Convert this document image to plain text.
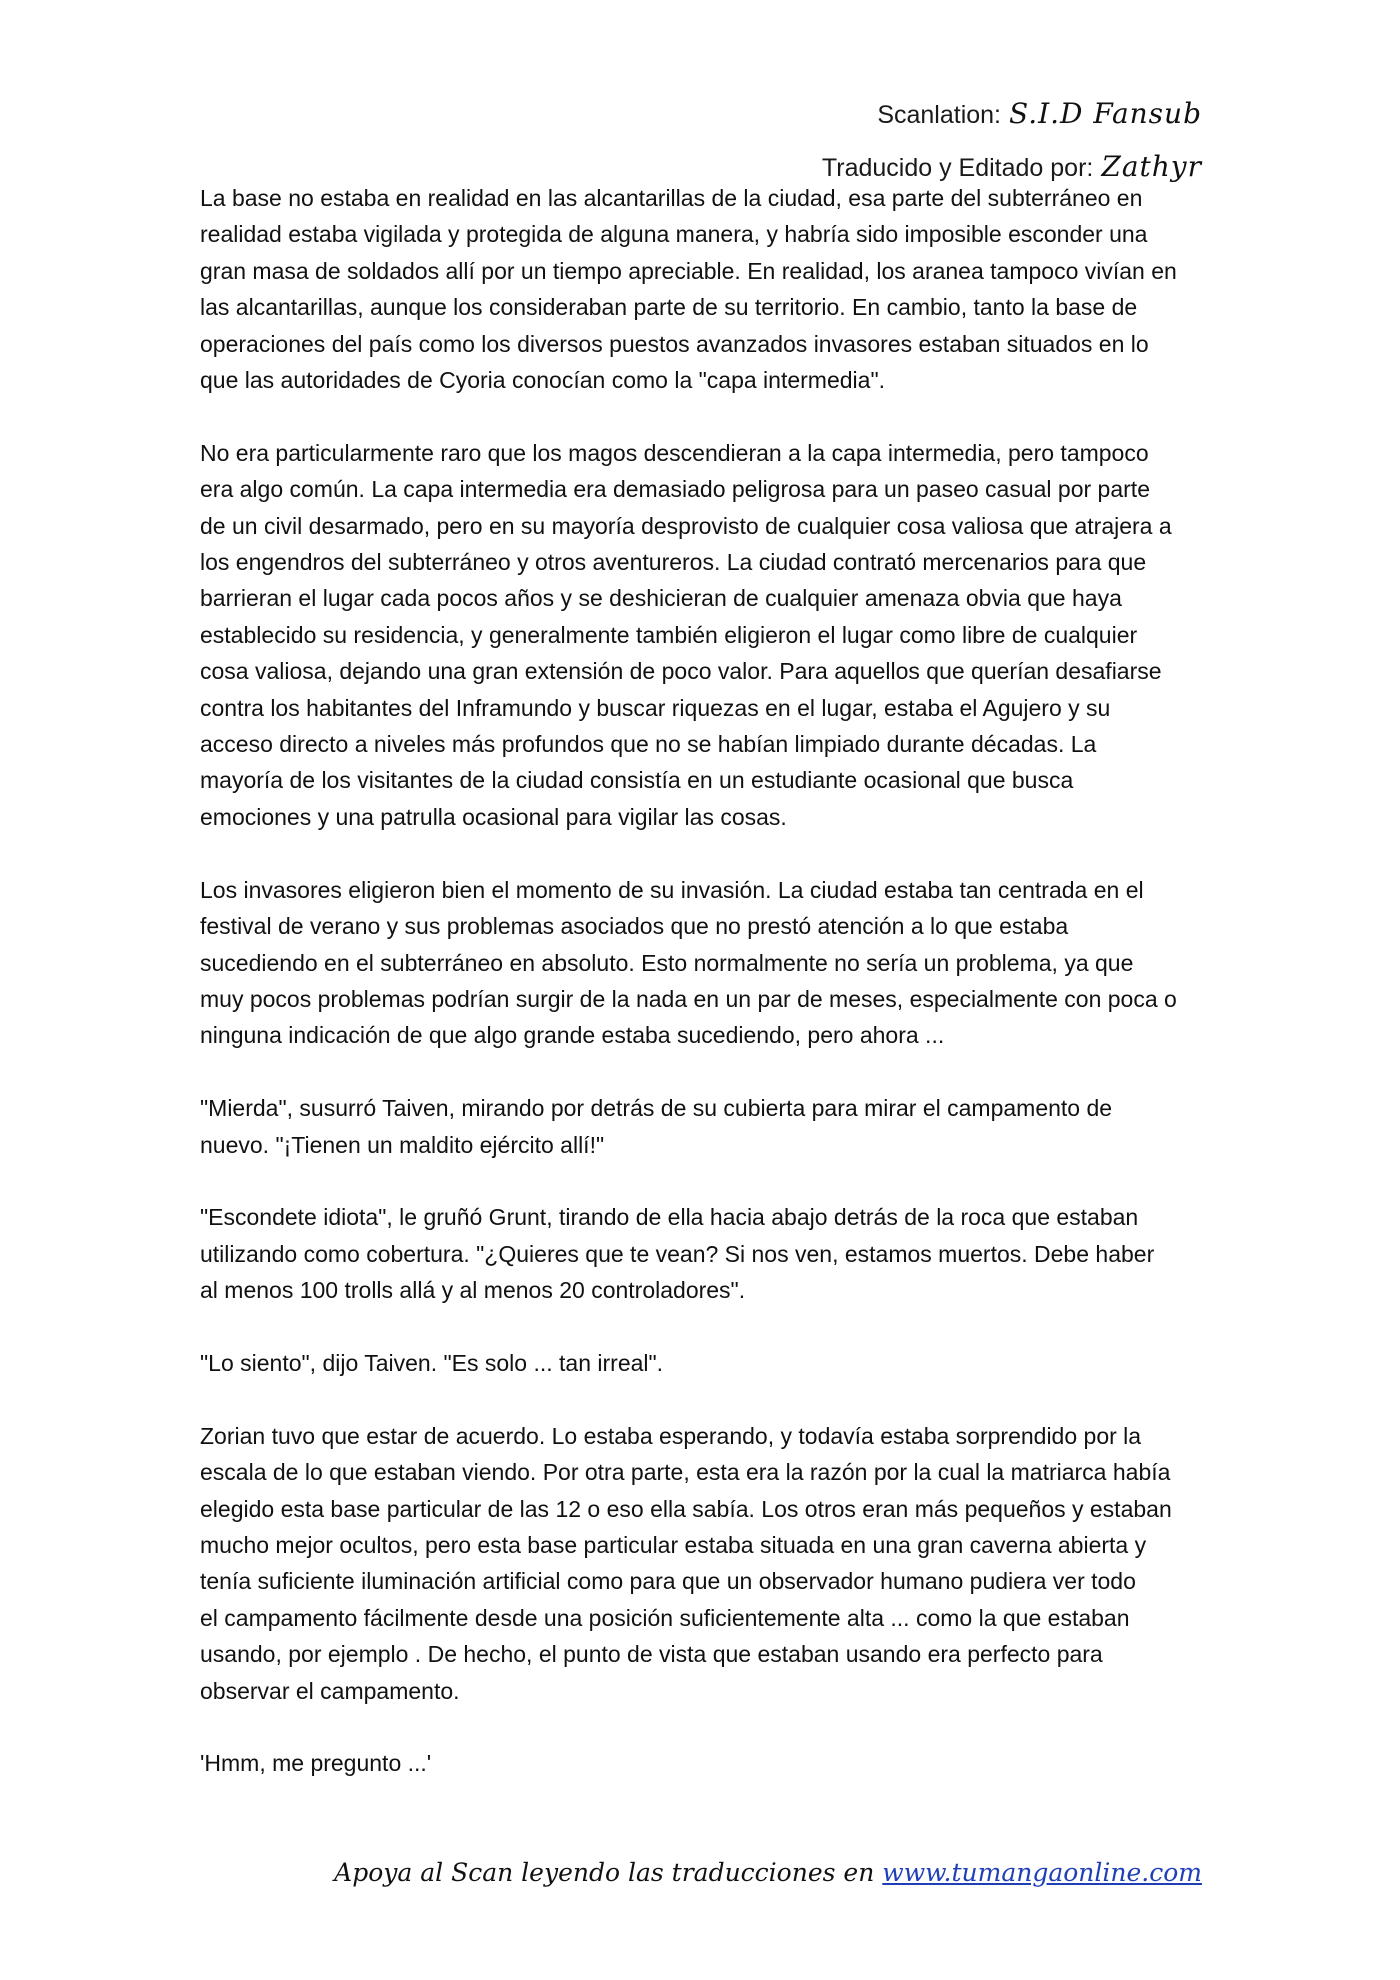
Scanlation: S.I.D Fansub
Traducido y Editado por: Zathyr

La base no estaba en realidad en las alcantarillas de la ciudad, esa parte del subterráneo en
realidad estaba vigilada y protegida de alguna manera, y habría sido imposible esconder una
gran masa de soldados allí por un tiempo apreciable. En realidad, los aranea tampoco vivían en
las alcantarillas, aunque los consideraban parte de su territorio. En cambio, tanto la base de
operaciones del país como los diversos puestos avanzados invasores estaban situados en lo
que las autoridades de Cyoria conocían como la "capa intermedia".

No era particularmente raro que los magos descendieran a la capa intermedia, pero tampoco
era algo común. La capa intermedia era demasiado peligrosa para un paseo casual por parte
de un civil desarmado, pero en su mayoría desprovisto de cualquier cosa valiosa que atrajera a
los engendros del subterráneo y otros aventureros. La ciudad contrató mercenarios para que
barrieran el lugar cada pocos años y se deshicieran de cualquier amenaza obvia que haya
establecido su residencia, y generalmente también eligieron el lugar como libre de cualquier
cosa valiosa, dejando una gran extensión de poco valor. Para aquellos que querían desafiarse
contra los habitantes del Inframundo y buscar riquezas en el lugar, estaba el Agujero y su
acceso directo a niveles más profundos que no se habían limpiado durante décadas. La
mayoría de los visitantes de la ciudad consistía en un estudiante ocasional que busca
emociones y una patrulla ocasional para vigilar las cosas.

Los invasores eligieron bien el momento de su invasión. La ciudad estaba tan centrada en el
festival de verano y sus problemas asociados que no prestó atención a lo que estaba
sucediendo en el subterráneo en absoluto. Esto normalmente no sería un problema, ya que
muy pocos problemas podrían surgir de la nada en un par de meses, especialmente con poca o
ninguna indicación de que algo grande estaba sucediendo, pero ahora ...

"Mierda", susurró Taiven, mirando por detrás de su cubierta para mirar el campamento de
nuevo. "¡Tienen un maldito ejército allí!"

"Escondete idiota", le gruñó Grunt, tirando de ella hacia abajo detrás de la roca que estaban
utilizando como cobertura. "¿Quieres que te vean? Si nos ven, estamos muertos. Debe haber
al menos 100 trolls allá y al menos 20 controladores".

"Lo siento", dijo Taiven. "Es solo ... tan irreal".

Zorian tuvo que estar de acuerdo. Lo estaba esperando, y todavía estaba sorprendido por la
escala de lo que estaban viendo. Por otra parte, esta era la razón por la cual la matriarca había
elegido esta base particular de las 12 o eso ella sabía. Los otros eran más pequeños y estaban
mucho mejor ocultos, pero esta base particular estaba situada en una gran caverna abierta y
tenía suficiente iluminación artificial como para que un observador humano pudiera ver todo
el campamento fácilmente desde una posición suficientemente alta ... como la que estaban
usando, por ejemplo . De hecho, el punto de vista que estaban usando era perfecto para
observar el campamento.

'Hmm, me pregunto ...'

Apoya al Scan leyendo las traducciones en www.tumangaonline.com
